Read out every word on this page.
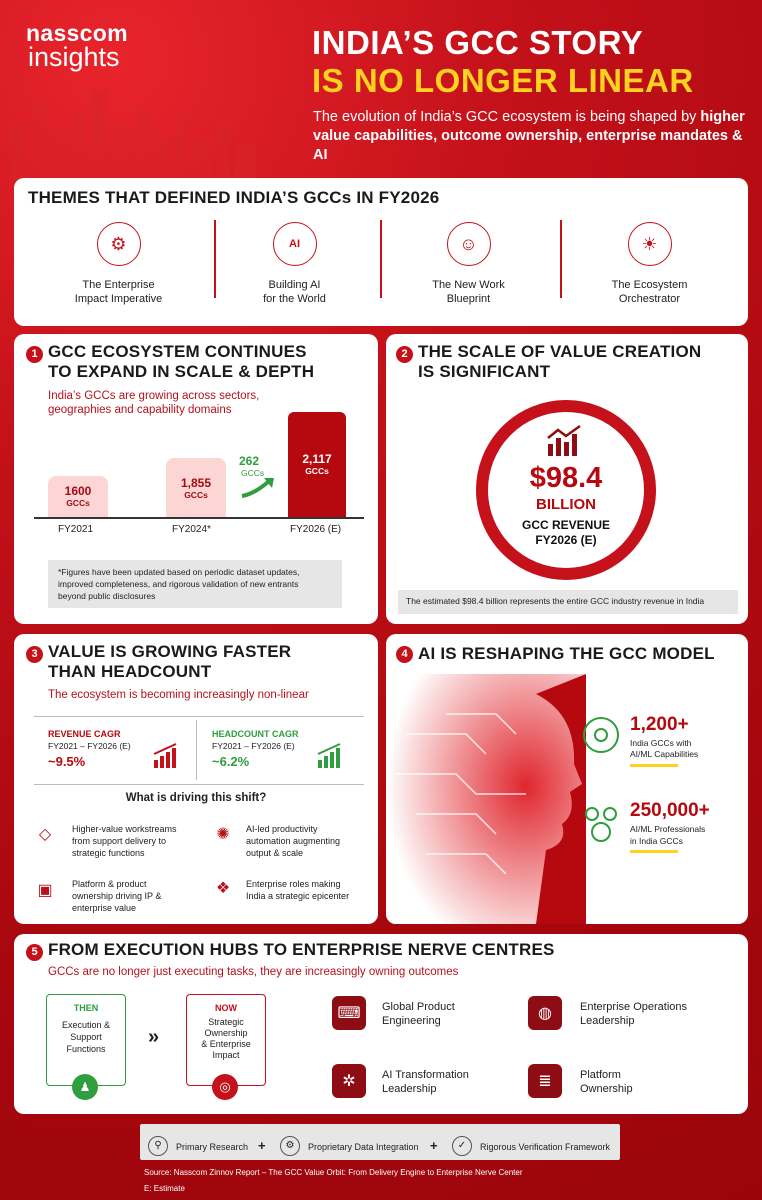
nasscom
insights	INDIA’S GCC STORY
IS NO LONGER LINEAR
The evolution of India’s GCC ecosystem is being shaped by higher value capabilities, outcome ownership, enterprise mandates & AI
THEMES THAT DEFINED INDIA’S GCCs IN FY2026
⚙
The Enterprise
Impact Imperative
AI
Building AI
for the World
☺
The New Work
Blueprint
☀
The Ecosystem
Orchestrator
1 GCC ECOSYSTEM CONTINUES
TO EXPAND IN SCALE & DEPTH
India’s GCCs are growing across sectors,
geographies and capability domains
1600
GCCs
1,855
GCCs
2,117
GCCs
262
GCCs
FY2021	FY2024*	FY2026 (E)
*Figures have been updated based on periodic dataset updates,
improved completeness, and rigorous validation of new entrants
beyond public disclosures
2 THE SCALE OF VALUE CREATION
IS SIGNIFICANT
$98.4
BILLION
GCC REVENUE
FY2026 (E)
The estimated $98.4 billion represents the entire GCC industry revenue in India
3 VALUE IS GROWING FASTER
THAN HEADCOUNT
The ecosystem is becoming increasingly non-linear
REVENUE CAGR
FY2021 – FY2026 (E)
~9.5%
HEADCOUNT CAGR
FY2021 – FY2026 (E)
~6.2%
What is driving this shift?
◇	Higher-value workstreams
from support delivery to
strategic functions
✺	AI-led productivity
automation augmenting
output & scale
▣	Platform & product
ownership driving IP &
enterprise value
❖	Enterprise roles making
India a strategic epicenter
4 AI IS RESHAPING THE GCC MODEL
1,200+
India GCCs with
AI/ML Capabilities
250,000+
AI/ML Professionals
in India GCCs
5 FROM EXECUTION HUBS TO ENTERPRISE NERVE CENTRES
GCCs are no longer just executing tasks, they are increasingly owning outcomes
THEN
Execution &
Support
Functions
♟
»
NOW
Strategic
Ownership
& Enterprise
Impact
◎
⌨	Global Product
Engineering	◍	Enterprise Operations
Leadership
✲	AI Transformation
Leadership	≣	Platform
Ownership
⚲	Primary Research +	⚙	Proprietary Data Integration +	✓	Rigorous Verification Framework
Source: Nasscom Zinnov Report – The GCC Value Orbit: From Delivery Engine to Enterprise Nerve Center
E: Estimate
